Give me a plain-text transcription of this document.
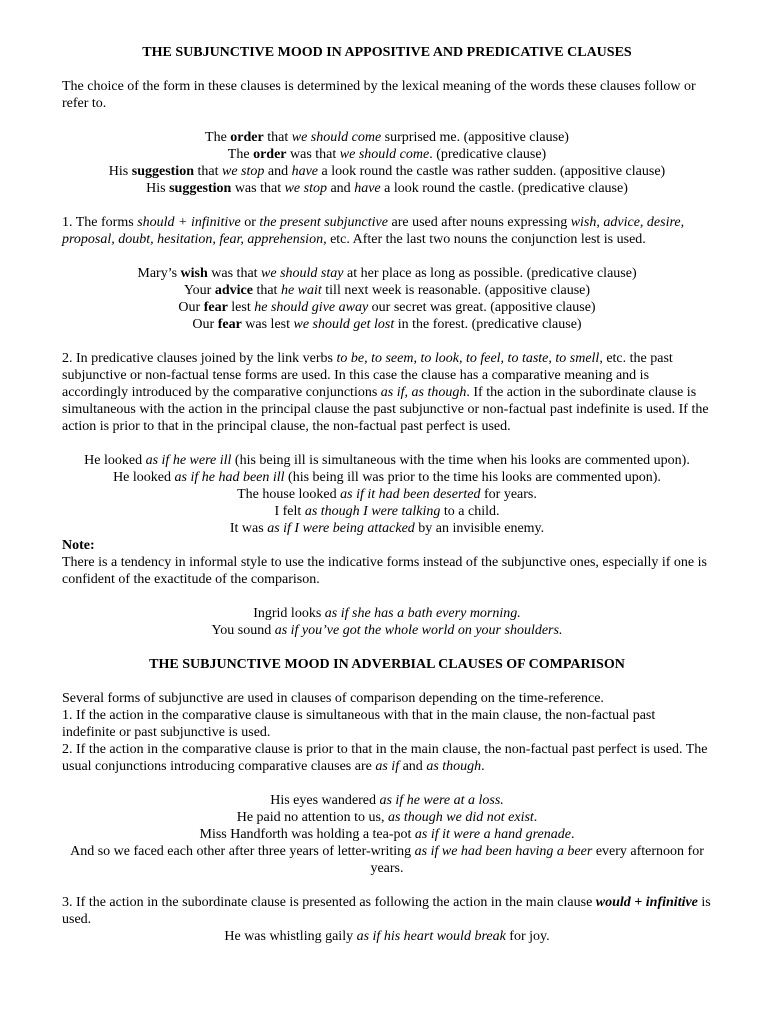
THE SUBJUNCTIVE MOOD IN APPOSITIVE AND PREDICATIVE CLAUSES

The choice of the form in these clauses is determined by the lexical meaning of the words these clauses follow or refer to.

The order that we should come surprised me. (appositive clause)

The order was that we should come. (predicative clause)

His suggestion that we stop and have a look round the castle was rather sudden. (appositive clause)

His suggestion was that we stop and have a look round the castle. (predicative clause)

1. The forms should + infinitive or the present subjunctive are used after nouns expressing wish, advice, desire, proposal, doubt, hesitation, fear, apprehension, etc. After the last two nouns the conjunction lest is used.

Mary’s wish was that we should stay at her place as long as possible. (predicative clause)

Your advice that he wait till next week is reasonable. (appositive clause)

Our fear lest he should give away our secret was great. (appositive clause)

Our fear was lest we should get lost in the forest. (predicative clause)

2. In predicative clauses joined by the link verbs to be, to seem, to look, to feel, to taste, to smell, etc. the past subjunctive or non-factual tense forms are used. In this case the clause has a comparative meaning and is accordingly introduced by the comparative conjunctions as if, as though. If the action in the subordinate clause is simultaneous with the action in the principal clause the past subjunctive or non-factual past indefinite is used. If the action is prior to that in the principal clause, the non-factual past perfect is used.

He looked as if he were ill (his being ill is simultaneous with the time when his looks are commented upon).

He looked as if he had been ill (his being ill was prior to the time his looks are commented upon).

The house looked as if it had been deserted for years.

I felt as though I were talking to a child.

It was as if I were being attacked by an invisible enemy.

Note:

There is a tendency in informal style to use the indicative forms instead of the subjunctive ones, especially if one is confident of the exactitude of the comparison.

Ingrid looks as if she has a bath every morning.

You sound as if you’ve got the whole world on your shoulders.

THE SUBJUNCTIVE MOOD IN ADVERBIAL CLAUSES OF COMPARISON

Several forms of subjunctive are used in clauses of comparison depending on the time-reference.

1. If the action in the comparative clause is simultaneous with that in the main clause, the non-factual past indefinite or past subjunctive is used.

2. If the action in the comparative clause is prior to that in the main clause, the non-factual past perfect is used. The usual conjunctions introducing comparative clauses are as if and as though.

His eyes wandered as if he were at a loss.

He paid no attention to us, as though we did not exist.

Miss Handforth was holding a tea-pot as if it were a hand grenade.

And so we faced each other after three years of letter-writing as if we had been having a beer every afternoon for years.

3. If the action in the subordinate clause is presented as following the action in the main clause would + infinitive is used.

He was whistling gaily as if his heart would break for joy.
